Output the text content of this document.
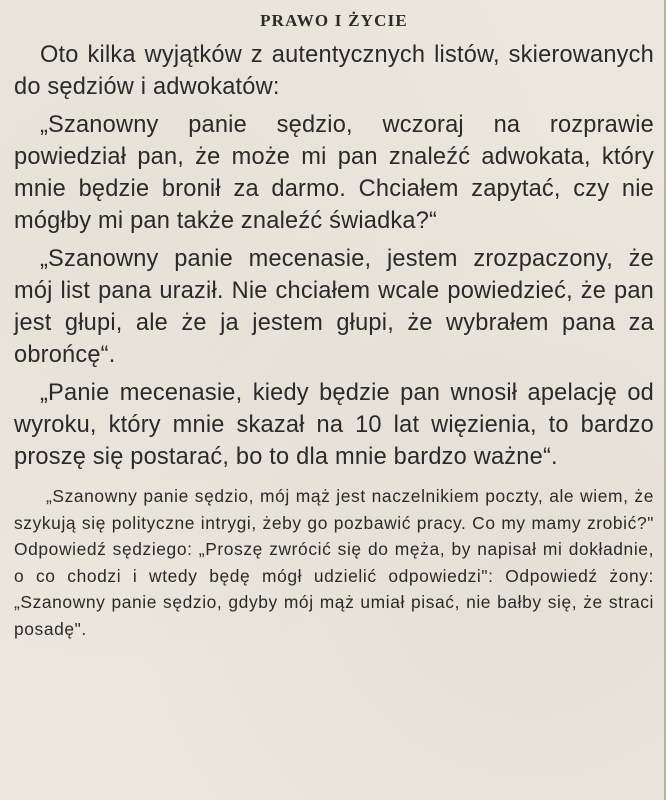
PRAWO I ŻYCIE

Oto kilka wyjątków z autentycznych listów, skierowanych do sędziów i adwokatów:

„Szanowny panie sędzio, wczoraj na rozprawie powiedział pan, że może mi pan znaleźć adwokata, który mnie będzie bronił za darmo. Chciałem zapytać, czy nie mógłby mi pan także znaleźć świadka?“

„Szanowny panie mecenasie, jestem zrozpaczony, że mój list pana uraził. Nie chciałem wcale powiedzieć, że pan jest głupi, ale że ja jestem głupi, że wybrałem pana za obrońcę“.

„Panie mecenasie, kiedy będzie pan wnosił apelację od wyroku, który mnie skazał na 10 lat więzienia, to bardzo proszę się postarać, bo to dla mnie bardzo ważne“.

„Szanowny panie sędzio, mój mąż jest naczelnikiem poczty, ale wiem, że szykują się polityczne intrygi, żeby go pozbawić pracy. Co my mamy zrobić?" Odpowiedź sędziego: „Proszę zwrócić się do męża, by napisał mi dokładnie, o co chodzi i wtedy będę mógł udzielić odpowiedzi": Odpowiedź żony: „Szanowny panie sędzio, gdyby mój mąż umiał pisać, nie bałby się, że straci posadę".
